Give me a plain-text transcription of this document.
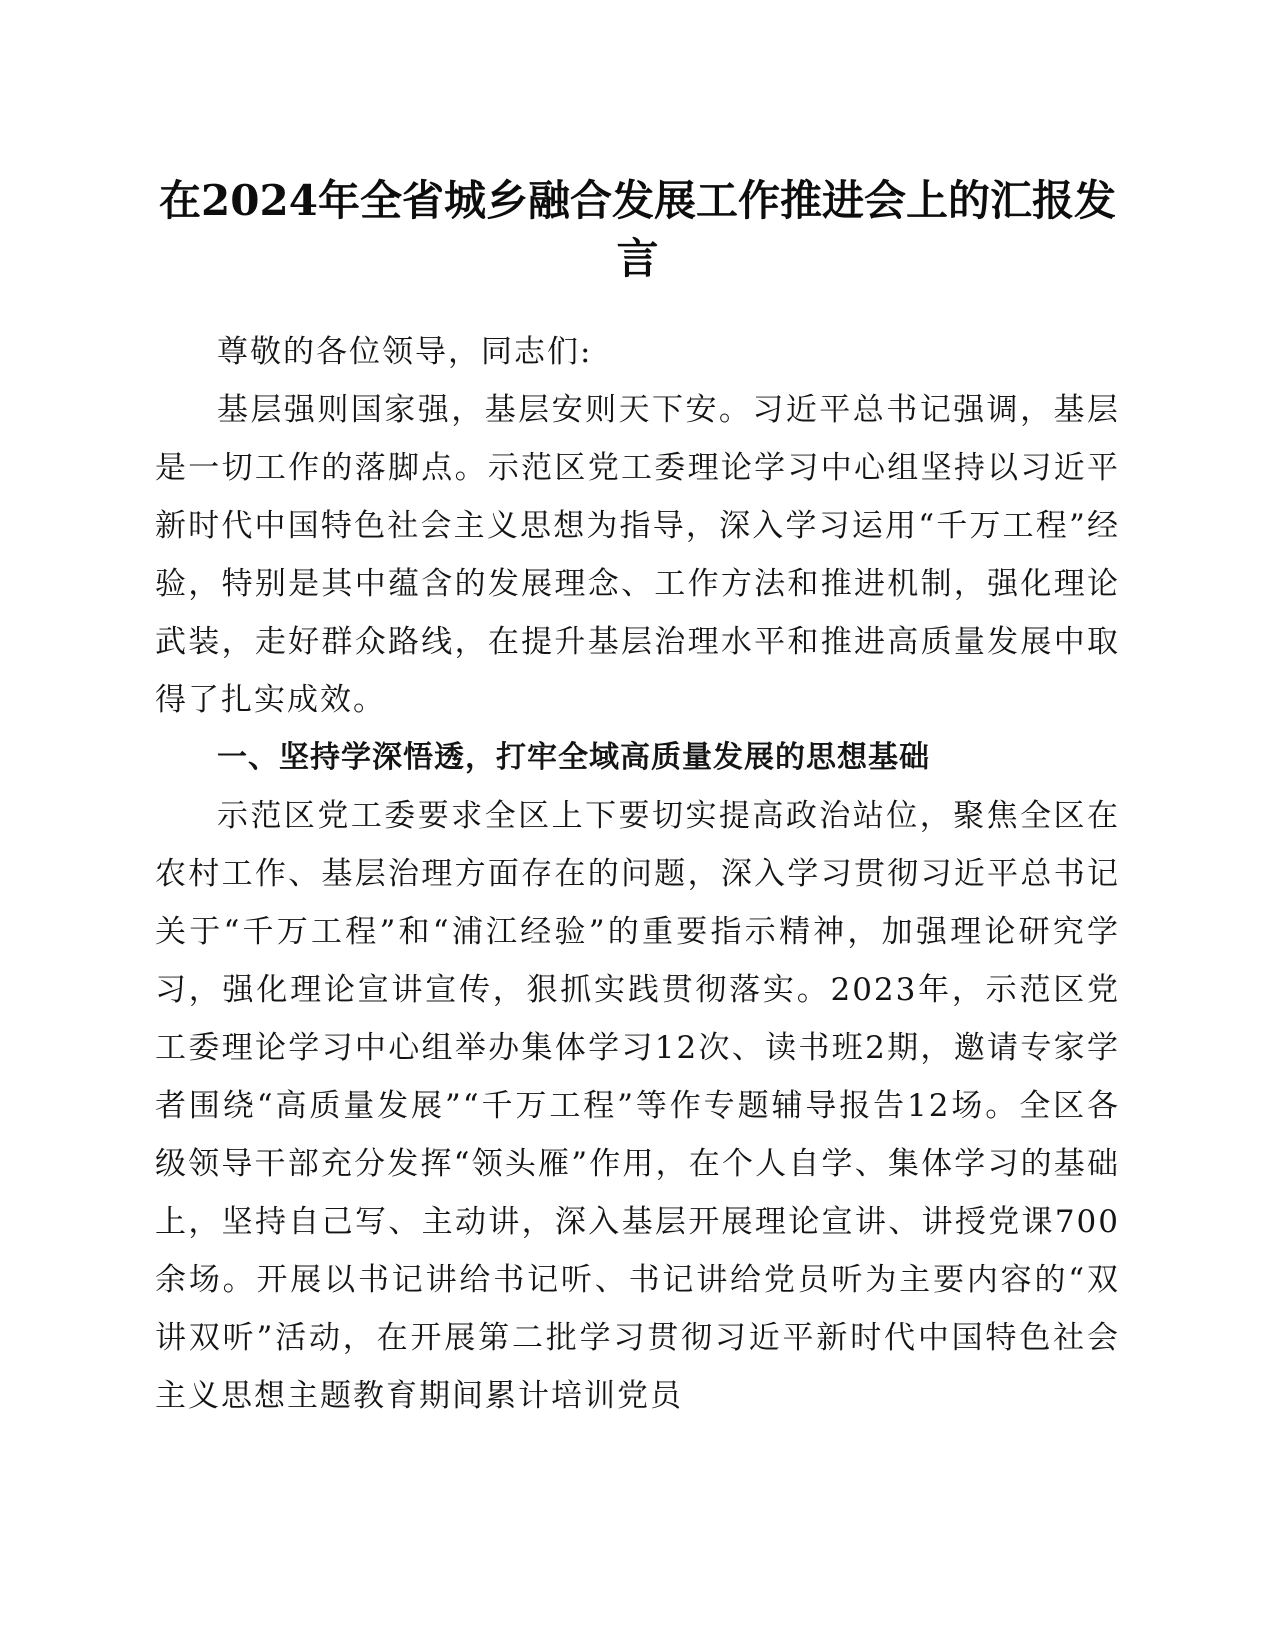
在2024年全省城乡融合发展工作推进会上的汇报发言

尊敬的各位领导，同志们:

基层强则国家强，基层安则天下安。习近平总书记强调，基层是一切工作的落脚点。示范区党工委理论学习中心组坚持以习近平新时代中国特色社会主义思想为指导，深入学习运用“千万工程”经验，特别是其中蕴含的发展理念、工作方法和推进机制，强化理论武装，走好群众路线，在提升基层治理水平和推进高质量发展中取得了扎实成效。

一、坚持学深悟透，打牢全域高质量发展的思想基础

示范区党工委要求全区上下要切实提高政治站位，聚焦全区在农村工作、基层治理方面存在的问题，深入学习贯彻习近平总书记关于“千万工程”和“浦江经验”的重要指示精神，加强理论研究学习，强化理论宣讲宣传，狠抓实践贯彻落实。2023年，示范区党工委理论学习中心组举办集体学习12次、读书班2期，邀请专家学者围绕“高质量发展”“千万工程”等作专题辅导报告12场。全区各级领导干部充分发挥“领头雁”作用，在个人自学、集体学习的基础上，坚持自己写、主动讲，深入基层开展理论宣讲、讲授党课700余场。开展以书记讲给书记听、书记讲给党员听为主要内容的“双讲双听”活动，在开展第二批学习贯彻习近平新时代中国特色社会主义思想主题教育期间累计培训党员
